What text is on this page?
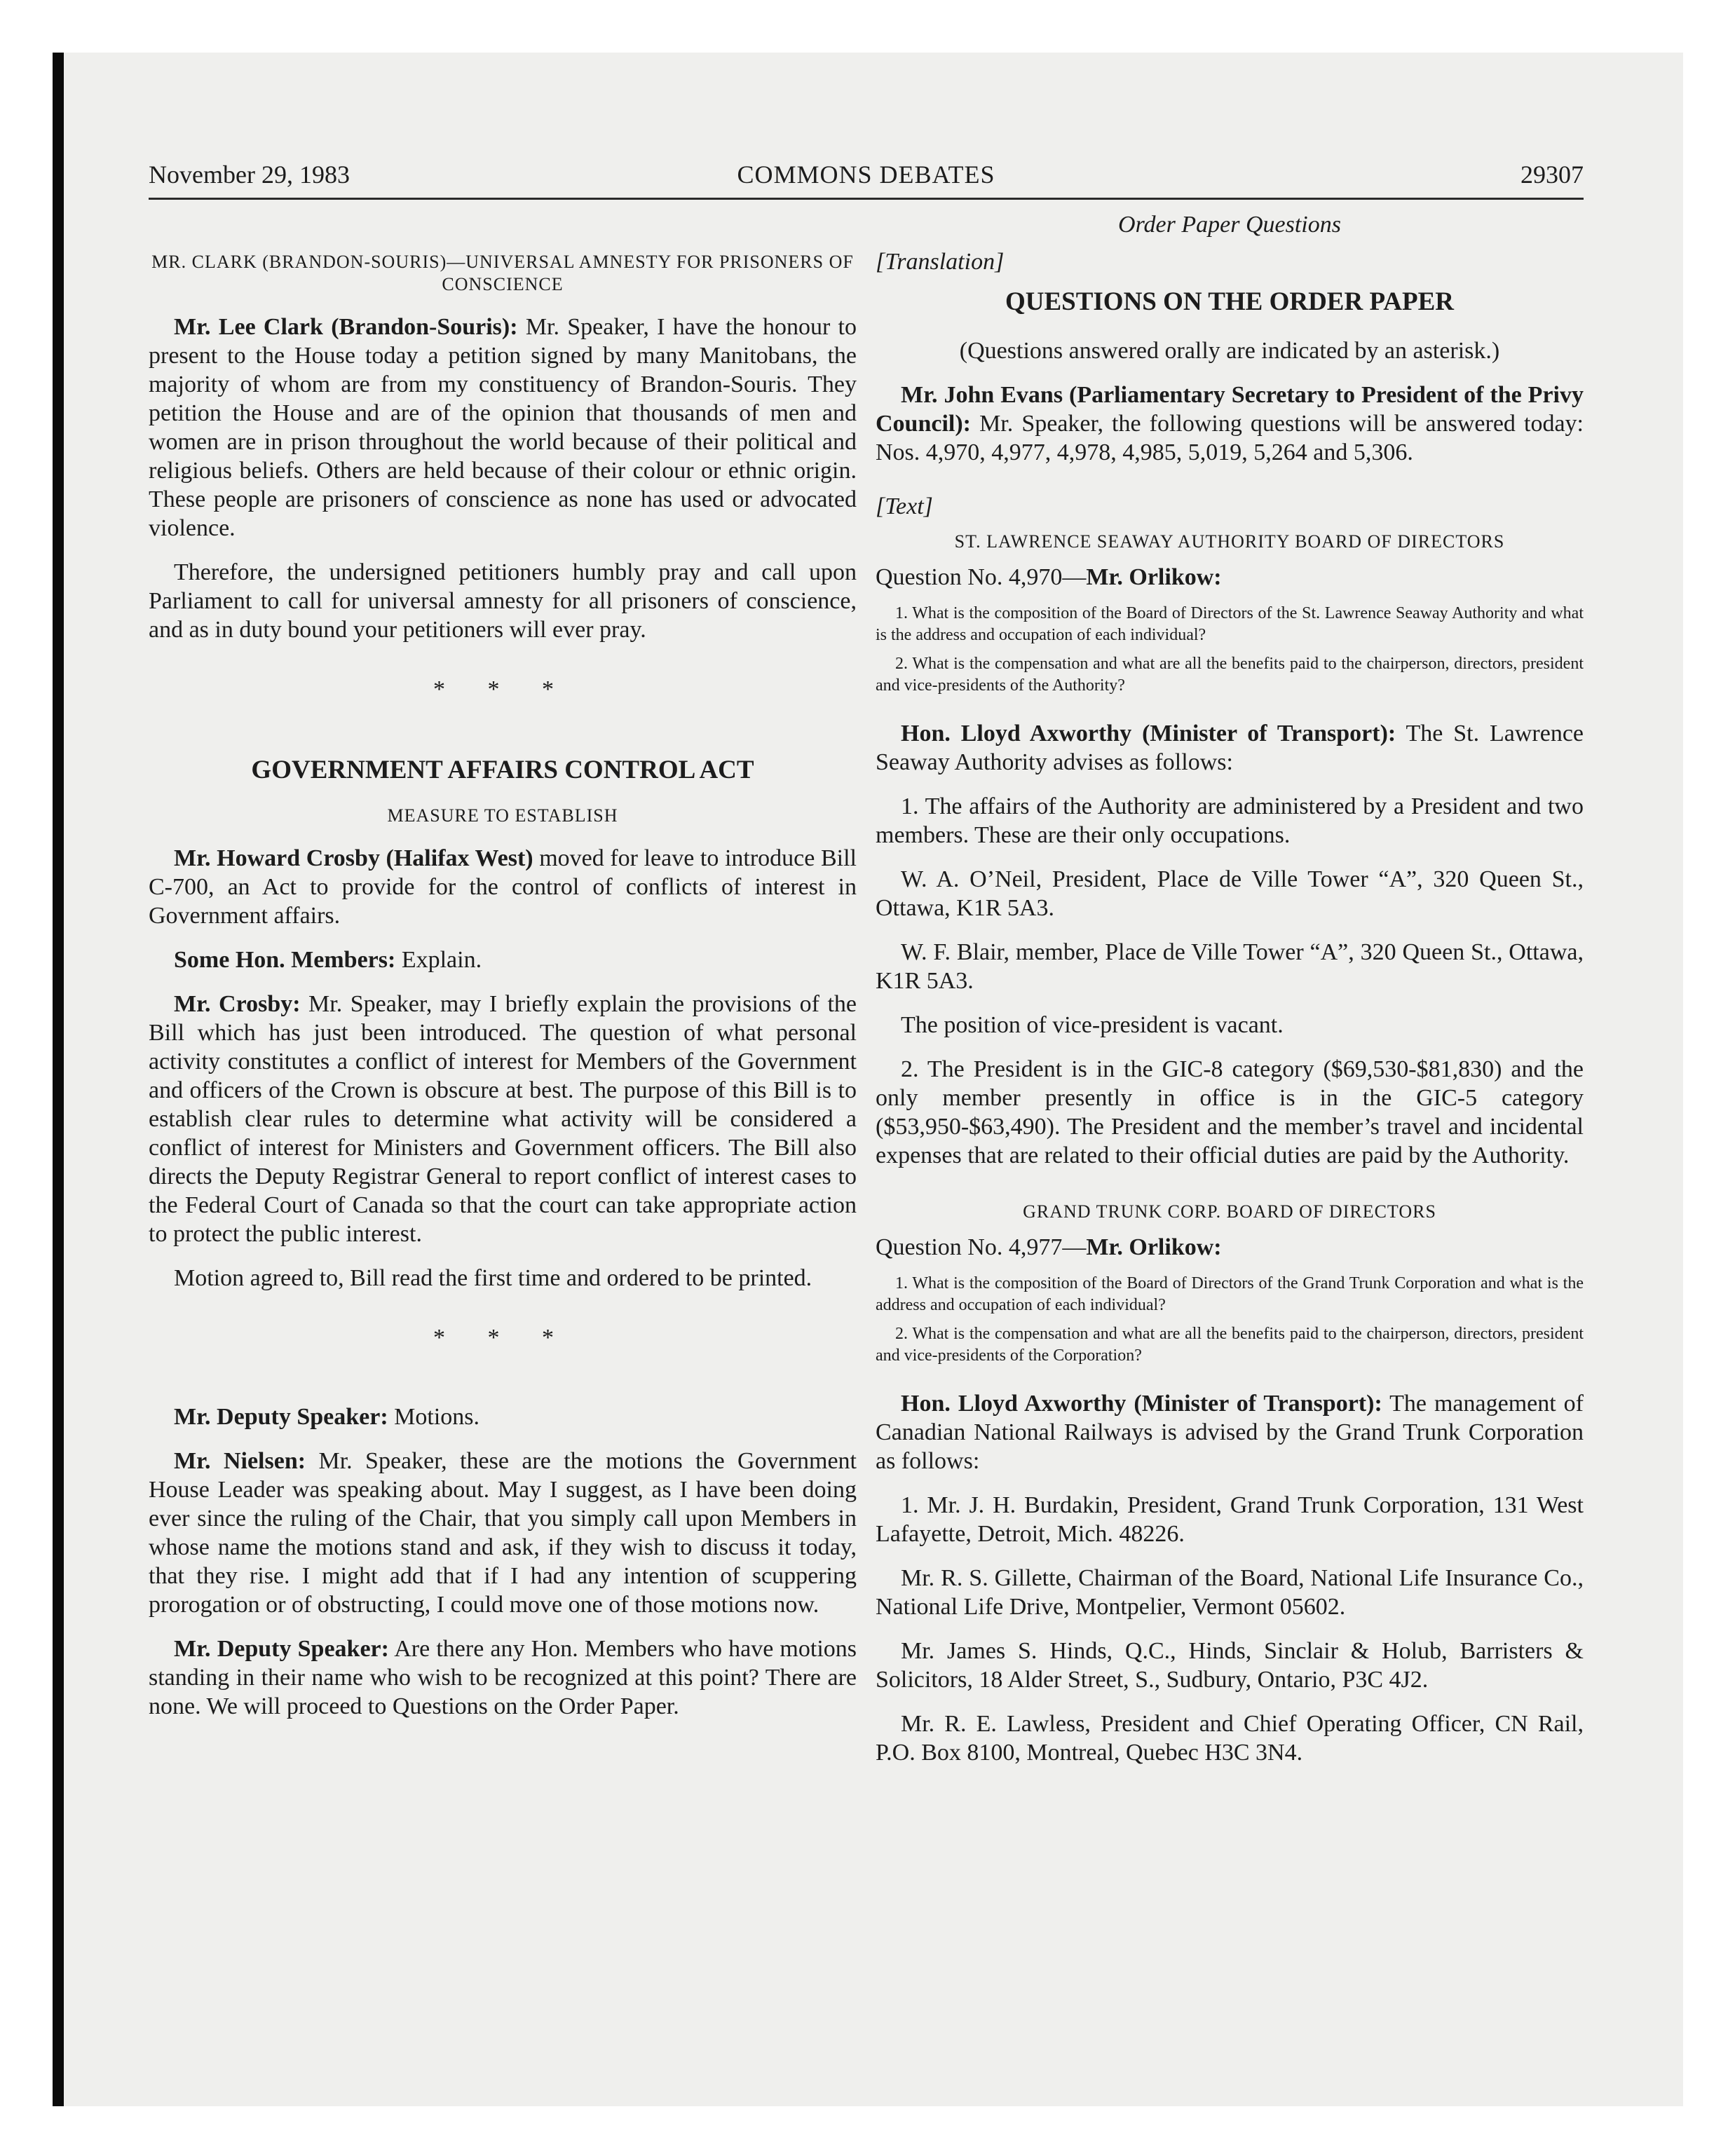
November 29, 1983	COMMONS DEBATES	29307
MR. CLARK (BRANDON-SOURIS)—UNIVERSAL AMNESTY FOR PRISONERS OF CONSCIENCE

Mr. Lee Clark (Brandon-Souris): Mr. Speaker, I have the honour to present to the House today a petition signed by many Manitobans, the majority of whom are from my constituency of Brandon-Souris. They petition the House and are of the opinion that thousands of men and women are in prison throughout the world because of their political and religious beliefs. Others are held because of their colour or ethnic origin. These people are prisoners of conscience as none has used or advocated violence.

Therefore, the undersigned petitioners humbly pray and call upon Parliament to call for universal amnesty for all prisoners of conscience, and as in duty bound your petitioners will ever pray.

* * *
GOVERNMENT AFFAIRS CONTROL ACT
MEASURE TO ESTABLISH

Mr. Howard Crosby (Halifax West) moved for leave to introduce Bill C-700, an Act to provide for the control of conflicts of interest in Government affairs.

Some Hon. Members: Explain.

Mr. Crosby: Mr. Speaker, may I briefly explain the provisions of the Bill which has just been introduced. The question of what personal activity constitutes a conflict of interest for Members of the Government and officers of the Crown is obscure at best. The purpose of this Bill is to establish clear rules to determine what activity will be considered a conflict of interest for Ministers and Government officers. The Bill also directs the Deputy Registrar General to report conflict of interest cases to the Federal Court of Canada so that the court can take appropriate action to protect the public interest.

Motion agreed to, Bill read the first time and ordered to be printed.

* * *

Mr. Deputy Speaker: Motions.

Mr. Nielsen: Mr. Speaker, these are the motions the Government House Leader was speaking about. May I suggest, as I have been doing ever since the ruling of the Chair, that you simply call upon Members in whose name the motions stand and ask, if they wish to discuss it today, that they rise. I might add that if I had any intention of scuppering prorogation or of obstructing, I could move one of those motions now.

Mr. Deputy Speaker: Are there any Hon. Members who have motions standing in their name who wish to be recognized at this point? There are none. We will proceed to Questions on the Order Paper.

Order Paper Questions
[Translation]
QUESTIONS ON THE ORDER PAPER

(Questions answered orally are indicated by an asterisk.)

Mr. John Evans (Parliamentary Secretary to President of the Privy Council): Mr. Speaker, the following questions will be answered today: Nos. 4,970, 4,977, 4,978, 4,985, 5,019, 5,264 and 5,306.

[Text]
ST. LAWRENCE SEAWAY AUTHORITY BOARD OF DIRECTORS

Question No. 4,970—Mr. Orlikow:

1. What is the composition of the Board of Directors of the St. Lawrence Seaway Authority and what is the address and occupation of each individual?

2. What is the compensation and what are all the benefits paid to the chairperson, directors, president and vice-presidents of the Authority?

Hon. Lloyd Axworthy (Minister of Transport): The St. Lawrence Seaway Authority advises as follows:

1. The affairs of the Authority are administered by a President and two members. These are their only occupations.

W. A. O’Neil, President, Place de Ville Tower “A”, 320 Queen St., Ottawa, K1R 5A3.

W. F. Blair, member, Place de Ville Tower “A”, 320 Queen St., Ottawa, K1R 5A3.

The position of vice-president is vacant.

2. The President is in the GIC-8 category ($69,530-$81,830) and the only member presently in office is in the GIC-5 category ($53,950-$63,490). The President and the member’s travel and incidental expenses that are related to their official duties are paid by the Authority.

GRAND TRUNK CORP. BOARD OF DIRECTORS

Question No. 4,977—Mr. Orlikow:

1. What is the composition of the Board of Directors of the Grand Trunk Corporation and what is the address and occupation of each individual?

2. What is the compensation and what are all the benefits paid to the chairperson, directors, president and vice-presidents of the Corporation?

Hon. Lloyd Axworthy (Minister of Transport): The management of Canadian National Railways is advised by the Grand Trunk Corporation as follows:

1. Mr. J. H. Burdakin, President, Grand Trunk Corporation, 131 West Lafayette, Detroit, Mich. 48226.

Mr. R. S. Gillette, Chairman of the Board, National Life Insurance Co., National Life Drive, Montpelier, Vermont 05602.

Mr. James S. Hinds, Q.C., Hinds, Sinclair & Holub, Barristers & Solicitors, 18 Alder Street, S., Sudbury, Ontario, P3C 4J2.

Mr. R. E. Lawless, President and Chief Operating Officer, CN Rail, P.O. Box 8100, Montreal, Quebec H3C 3N4.
